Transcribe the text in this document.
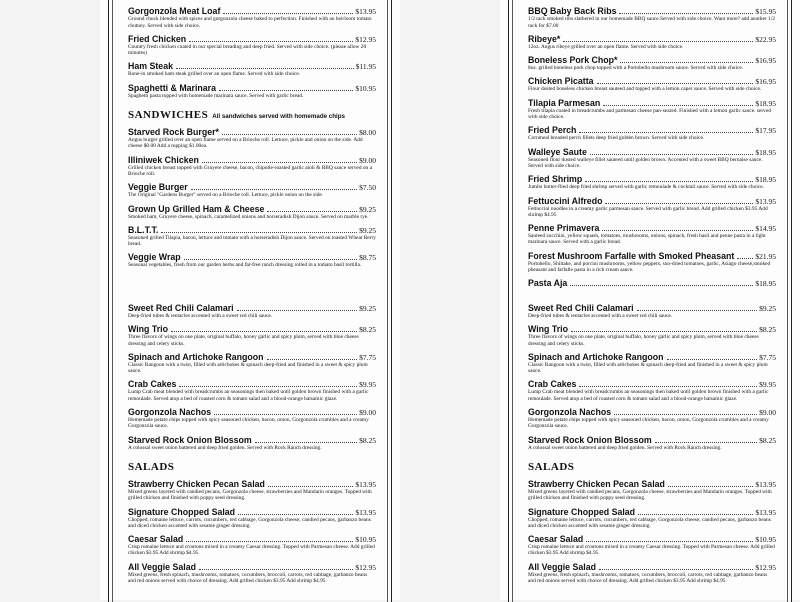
Gorgonzola Meat Loaf	$13.95
Ground chuck blended with spices and gorgonzola cheese baked to perfection. Finished with an heirloom tomato chutney. Served with side choice.
Fried Chicken	$12.95
Country fresh chicken coated in our special breading and deep fried. Served with side choice. (please allow 20 minutes)
Ham Steak	$11.95
Bone-in smoked ham steak grilled over an open flame. Served with side choice.
Spaghetti & Marinara	$10.95
Spaghetti pasta topped with homemade marinara sauce. Served with garlic bread.
SANDWICHES All sandwiches served with homemade chips
Starved Rock Burger*	$8.00
Angus burger grilled over an open flame served on a Brioche roll. Lettuce, pickle and onion on the side. Add cheese $0.00 Add a topping $1.00ea.
Illiniwek Chicken	$9.00
Grilled chicken breast topped with Gruyere cheese, bacon, chipotle-roasted garlic aioli & BBQ sauce served on a Brioche roll.
Veggie Burger	$7.50
The Original "Gardens Burger" served on a Brioche roll. Lettuce, pickle onion on the side.
Grown Up Grilled Ham & Cheese	$9.25
Smoked ham, Gruyere cheese, spinach, caramelized onions and horseradish Dijon sauce. Served on marble rye.
B.L.T.T.	$9.25
Seasoned grilled Tilapia, bacon, lettuce and tomato with a horseradish Dijon sauce. Served on toasted Wheat Berry bread.
Veggie Wrap	$8.75
Seasonal vegetables, fresh from our garden herbs and fat-free ranch dressing rolled in a tomato basil tortilla.
BBQ Baby Back Ribs	$15.95
1/2 rack smoked ribs slathered in our homemade BBQ sauce.Served with side choice. Want more? add another 1/2 rack for $7.00
Ribeye*	$22.95
12oz. Angus ribeye grilled over an open flame. Served with side choice.
Boneless Pork Chop*	$16.95
8oz. grilled boneless pork chop topped with a Portobello mushroom sauce. Served with side choice.
Chicken Picatta	$16.95
Flour dusted boneless chicken breast sauteed and topped with a lemon caper sauce. Served with side choice.
Tilapia Parmesan	$18.95
Fresh tilapia coated in breadcrumbs and parmesan cheese pan-seared. Finished with a lemon garlic sauce. served with side choice.
Fried Perch	$17.95
Cornmeal breaded perch fillets deep fried golden brown. Served with side choice.
Walleye Saute	$18.95
Seasoned flour dusted walleye fillet sauteed until golden brown. Accented with a sweet BBQ bernaise sauce. Served with side choice.
Fried Shrimp	$18.95
Jumbo butter-flied deep fried shrimp served with garlic remoulade & cocktail sauce. Served with side choice.
Fettuccini Alfredo	$13.95
Fettuccini noodles in a creamy garlic parmesan sauce. Served with garlic bread. Add grilled chicken $3.95 Add shrimp $4.95
Penne Primavera	$14.95
Sauteed zucchini, yellow squash, tomatoes, mushrooms, onions, spinach, fresh basil and penne pasta in a light marinara sauce. Served with a garlic bread.
Forest Mushroom Farfalle with Smoked Pheasant	$21.95
Portobello, Shiitake, and porcini mushrooms, yellow peppers, sun-dried tomatoes, garlic, Asiago cheese,smoked pheasant and farfalle pasta in a rich cream sauce.
Pasta Aja	$18.95
Sweet Red Chili Calamari	$9.25
Deep-fried tubes & tentacles accented with a sweet red chili sauce.
Wing Trio	$8.25
Three flavors of wings on one plate, original buffalo, honey garlic and spicy plum, served with blue cheese dressing and celery sticks.
Spinach and Artichoke Rangoon	$7.75
Classic Rangoon with a twist, filled with artichokes & spinach deep-fried and finished in a sweet & spicy plum sauce.
Crab Cakes	$9.95
Lump Crab meat blended with breadcrumbs an seasonings then baked until golden brown finished with a garlic remoulade. Served atop a bed of roasted corn & tomato salad and a blood-orange balsamic glaze.
Gorgonzola Nachos	$9.00
Homemade potato chips topped with spicy seasoned chicken, bacon, onion, Gorgonzola crumbles and a creamy Gorgonzola sauce.
Starved Rock Onion Blossom	$8.25
A colossal sweet onion battered and deep fried golden. Served with Rock Ranch dressing.
SALADS
Strawberry Chicken Pecan Salad	$13.95
Mixed greens layered with candied pecans, Gorgonzola cheese, strawberries and Mandarin oranges. Topped with grilled chicken and finished with poppy seed dressing.
Signature Chopped Salad	$13.95
Chopped, romaine lettuce, carrots, cucumbers, red cabbage, Gorgonzola cheese, candied pecans, garbanzo beans and diced chicken accented with sesame ginger dressing.
Caesar Salad	$10.95
Crisp romaine lettuce and croutons mixed in a creamy Caesar dressing. Topped with Parmesan cheese. Add grilled chicken $3.95 Add shrimp $4.95
All Veggie Salad	$12.95
Mixed greens, fresh spinach, mushrooms, tomatoes, cucumbers, broccoli, carrots, red cabbage, garbanzo beans and red onions served with choice of dressing. Add grilled chicken $3.95 Add shrimp $4.95
Sweet Red Chili Calamari	$9.25
Deep-fried tubes & tentacles accented with a sweet red chili sauce.
Wing Trio	$8.25
Three flavors of wings on one plate, original buffalo, honey garlic and spicy plum, served with blue cheese dressing and celery sticks.
Spinach and Artichoke Rangoon	$7.75
Classic Rangoon with a twist, filled with artichokes & spinach deep-fried and finished in a sweet & spicy plum sauce.
Crab Cakes	$9.95
Lump Crab meat blended with breadcrumbs an seasonings then baked until golden brown finished with a garlic remoulade. Served atop a bed of roasted corn & tomato salad and a blood-orange balsamic glaze.
Gorgonzola Nachos	$9.00
Homemade potato chips topped with spicy seasoned chicken, bacon, onion, Gorgonzola crumbles and a creamy Gorgonzola sauce.
Starved Rock Onion Blossom	$8.25
A colossal sweet onion battered and deep fried golden. Served with Rock Ranch dressing.
SALADS
Strawberry Chicken Pecan Salad	$13.95
Mixed greens layered with candied pecans, Gorgonzola cheese, strawberries and Mandarin oranges. Topped with grilled chicken and finished with poppy seed dressing.
Signature Chopped Salad	$13.95
Chopped, romaine lettuce, carrots, cucumbers, red cabbage, Gorgonzola cheese, candied pecans, garbanzo beans and diced chicken accented with sesame ginger dressing.
Caesar Salad	$10.95
Crisp romaine lettuce and croutons mixed in a creamy Caesar dressing. Topped with Parmesan cheese. Add grilled chicken $3.95 Add shrimp $4.95
All Veggie Salad	$12.95
Mixed greens, fresh spinach, mushrooms, tomatoes, cucumbers, broccoli, carrots, red cabbage, garbanzo beans and red onions served with choice of dressing. Add grilled chicken $3.95 Add shrimp $4.95
